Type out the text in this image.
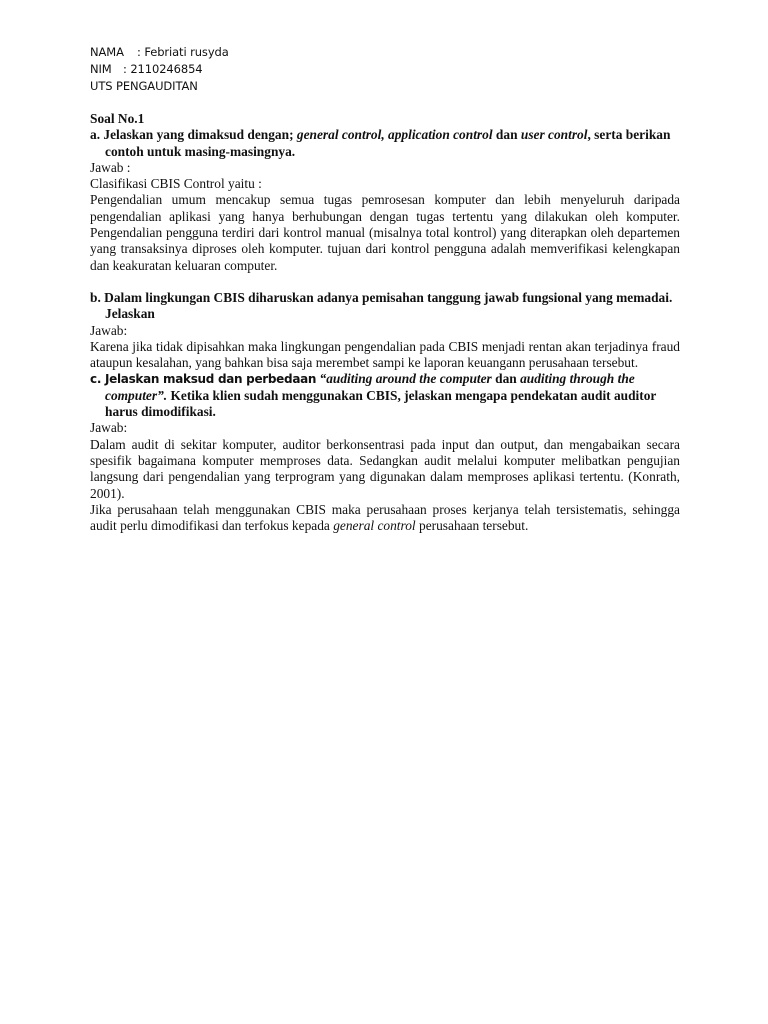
NAMA : Febriati rusyda
NIM : 2110246854
UTS PENGAUDITAN
Soal No.1
a. Jelaskan yang dimaksud dengan; general control, application control dan user control, serta berikan contoh untuk masing-masingnya.
Jawab :
Clasifikasi CBIS Control yaitu :
Pengendalian umum mencakup semua tugas pemrosesan komputer dan lebih menyeluruh daripada pengendalian aplikasi yang hanya berhubungan dengan tugas tertentu yang dilakukan oleh komputer. Pengendalian pengguna terdiri dari kontrol manual (misalnya total kontrol) yang diterapkan oleh departemen yang transaksinya diproses oleh komputer. tujuan dari kontrol pengguna adalah memverifikasi kelengkapan dan keakuratan keluaran computer.
b. Dalam lingkungan CBIS diharuskan adanya pemisahan tanggung jawab fungsional yang memadai. Jelaskan
Jawab:
Karena jika tidak dipisahkan maka lingkungan pengendalian pada CBIS menjadi rentan akan terjadinya fraud ataupun kesalahan, yang bahkan bisa saja merembet sampi ke laporan keuangann perusahaan tersebut.
c. Jelaskan maksud dan perbedaan “auditing around the computer dan auditing through the computer”. Ketika klien sudah menggunakan CBIS, jelaskan mengapa pendekatan audit auditor harus dimodifikasi.
Jawab:
Dalam audit di sekitar komputer, auditor berkonsentrasi pada input dan output, dan mengabaikan secara spesifik bagaimana komputer memproses data. Sedangkan audit melalui komputer melibatkan pengujian langsung dari pengendalian yang terprogram yang digunakan dalam memproses aplikasi tertentu. (Konrath, 2001).
Jika perusahaan telah menggunakan CBIS maka perusahaan proses kerjanya telah tersistematis, sehingga audit perlu dimodifikasi dan terfokus kepada general control perusahaan tersebut.
